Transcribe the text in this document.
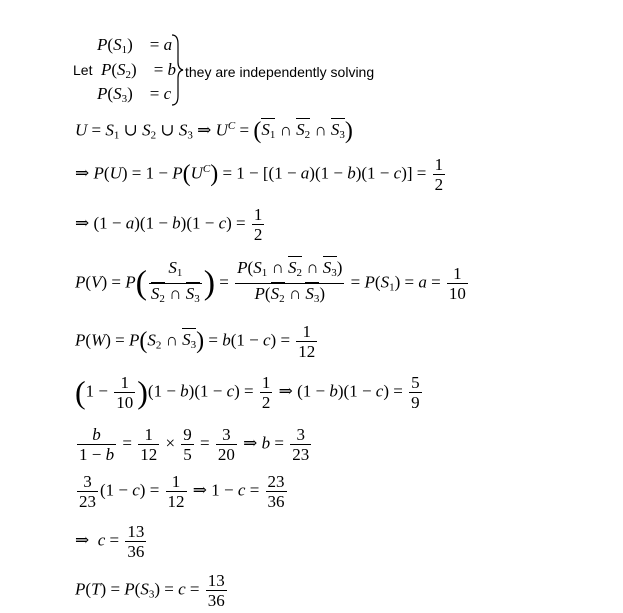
$P(S_1)$    = a
Let $P(S_2)$    = b
$P(S_3)$    = c
they are independently solving
$U = S_1$ ∪ $S_2$ ∪ $S_3$ ⇒ $U^C = (S_1$ ∩ $S_2$ ∩ $S_3$)
⇒ $P(U) = 1 - P(U^C) = 1 - [(1 - a)(1 - b)(1 - c)] = \frac{1}{2}$
⇒ $(1 - a)(1 - b)(1 - c) = \frac{1}{2}$
$P(V) = P( \frac{S_1}{S_2 \cap S_3}$ ) = $\frac{P(S_1 \cap S_2 \cap S_3)}{P(S_2 \cap S_3)} = P(S_1) = a = \frac{1}{10}$
$P(W) = P(S_2$ ∩ $S_3) = b(1 - c) = \frac{1}{12}$
$(1 - \frac{1}{10} )(1 - b)(1 - c) = \frac{1}{2}$ ⇒ $(1 - b)(1 - c) = \frac{5}{9}$
$\frac{b}{1 - b} = \frac{1}{12} \times \frac{9}{5} = \frac{3}{20}$ ⇒ $b = \frac{3}{23}$
$\frac{3}{23} (1 - c) = \frac{1}{12}$ ⇒ $1 - c = \frac{23}{36}$
⇒  $c = \frac{13}{36}$
$P(T) = P(S_3) = c = \frac{13}{36}$
